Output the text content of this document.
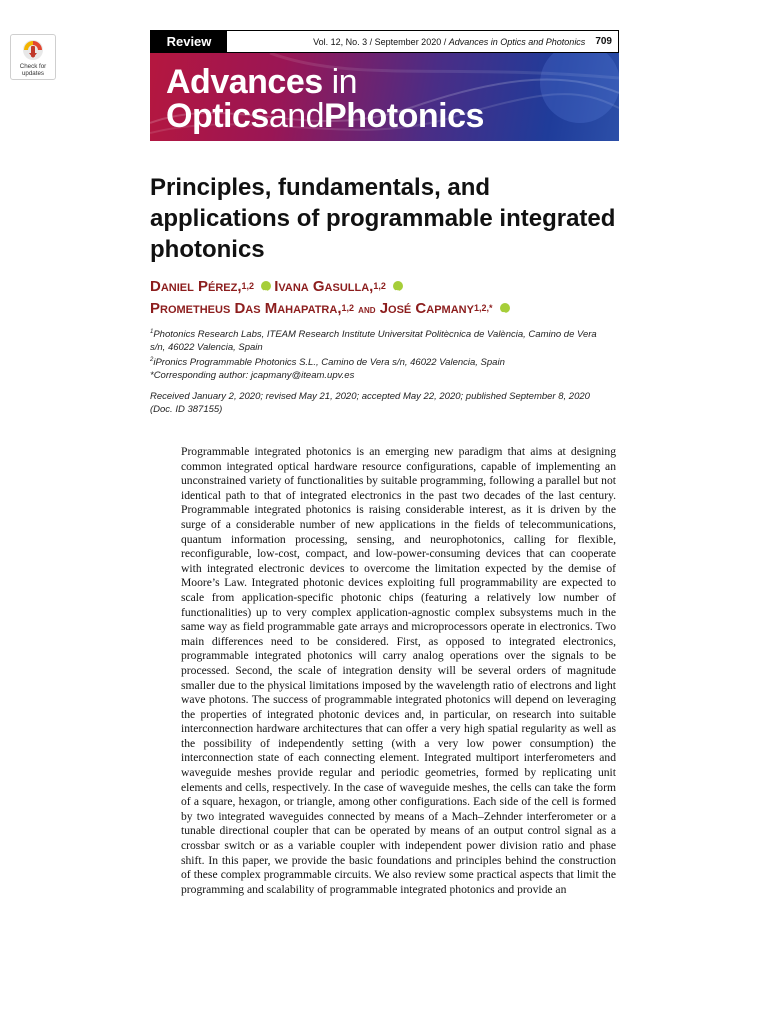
Check for updates
Review	Vol. 12, No. 3 / September 2020 / Advances in Optics and Photonics	709
Advances in
OpticsandPhotonics
Principles, fundamentals, and applications of programmable integrated photonics
Daniel Pérez,$^{1,2}$ iD Ivana Gasulla,$^{1,2}$ iD
Prometheus Das Mahapatra,$^{1,2}$ and José Capmany$^{1,2,*}$ iD
$^1$Photonics Research Labs, ITEAM Research Institute Universitat Politècnica de València, Camino de Vera s/n, 46022 Valencia, Spain
$^2$iPronics Programmable Photonics S.L., Camino de Vera s/n, 46022 Valencia, Spain
*Corresponding author: jcapmany@iteam.upv.es
Received January 2, 2020; revised May 21, 2020; accepted May 22, 2020; published September 8, 2020 (Doc. ID 387155)

Programmable integrated photonics is an emerging new paradigm that aims at designing common integrated optical hardware resource configurations, capable of implementing an unconstrained variety of functionalities by suitable programming, following a parallel but not identical path to that of integrated electronics in the past two decades of the last century. Programmable integrated photonics is raising considerable interest, as it is driven by the surge of a considerable number of new applications in the fields of telecommunications, quantum information processing, sensing, and neurophotonics, calling for flexible, reconfigurable, low-cost, compact, and low-power-consuming devices that can cooperate with integrated electronic devices to overcome the limitation expected by the demise of Moore’s Law. Integrated photonic devices exploiting full programmability are expected to scale from application-specific photonic chips (featuring a relatively low number of functionalities) up to very complex application-agnostic complex subsystems much in the same way as field programmable gate arrays and microprocessors operate in electronics. Two main differences need to be considered. First, as opposed to integrated electronics, programmable integrated photonics will carry analog operations over the signals to be processed. Second, the scale of integration density will be several orders of magnitude smaller due to the physical limitations imposed by the wavelength ratio of electrons and light wave photons. The success of programmable integrated photonics will depend on leveraging the properties of integrated photonic devices and, in particular, on research into suitable interconnection hardware architectures that can offer a very high spatial regularity as well as the possibility of independently setting (with a very low power consumption) the interconnection state of each connecting element. Integrated multiport interferometers and waveguide meshes provide regular and periodic geometries, formed by replicating unit elements and cells, respectively. In the case of waveguide meshes, the cells can take the form of a square, hexagon, or triangle, among other configurations. Each side of the cell is formed by two integrated waveguides connected by means of a Mach–Zehnder interferometer or a tunable directional coupler that can be operated by means of an output control signal as a crossbar switch or as a variable coupler with independent power division ratio and phase shift. In this paper, we provide the basic foundations and principles behind the construction of these complex programmable circuits. We also review some practical aspects that limit the programming and scalability of programmable integrated photonics and provide an
